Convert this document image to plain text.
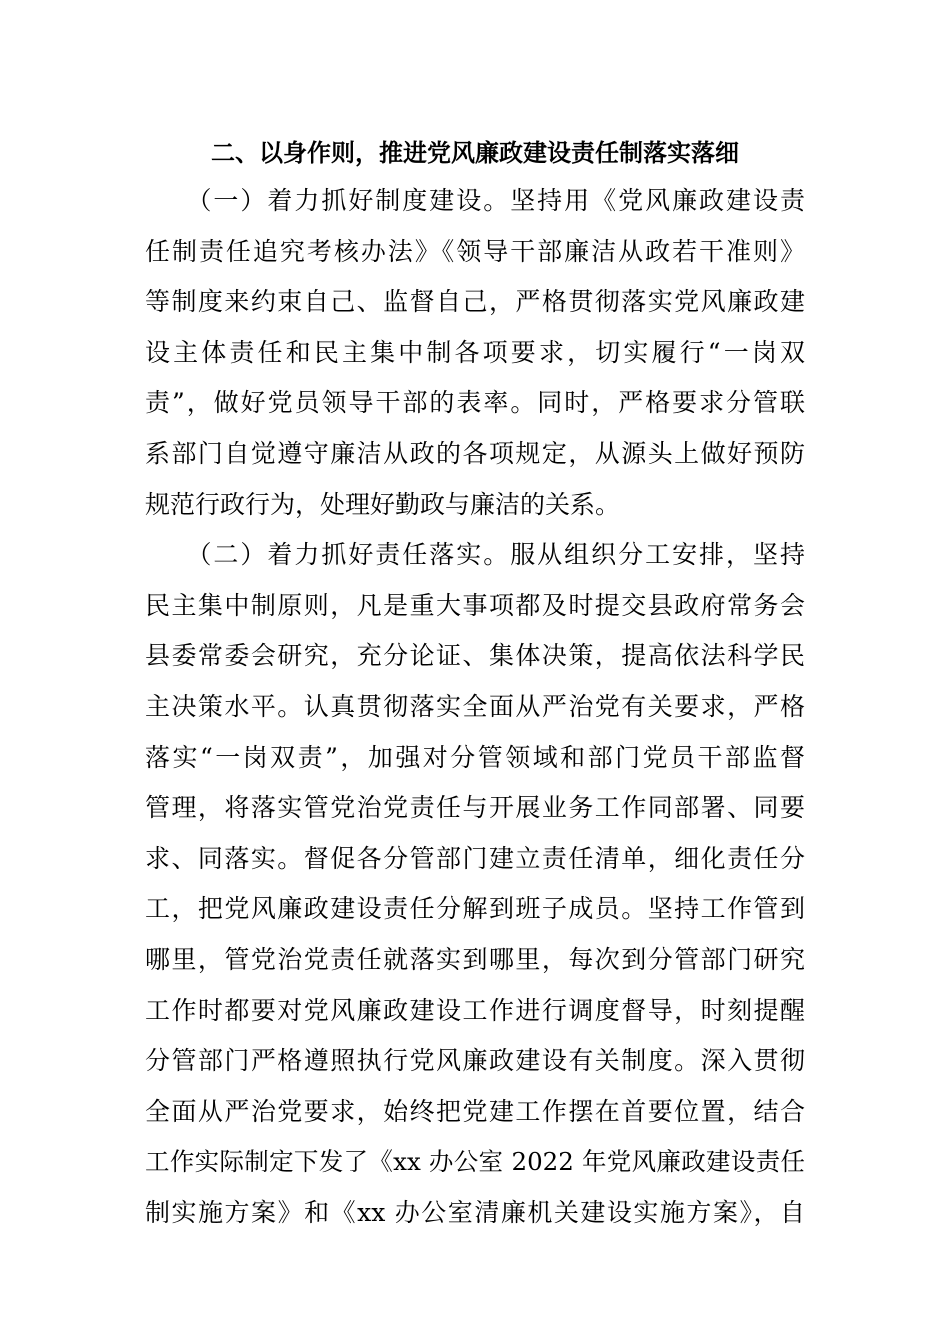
二、以身作则，推进党风廉政建设责任制落实落细
　　（一）着力抓好制度建设。坚持用《党风廉政建设责
任制责任追究考核办法》《领导干部廉洁从政若干准则》
等制度来约束自己、监督自己，严格贯彻落实党风廉政建
设主体责任和民主集中制各项要求，切实履行“一岗双
责”，做好党员领导干部的表率。同时，严格要求分管联
系部门自觉遵守廉洁从政的各项规定，从源头上做好预防
规范行政行为，处理好勤政与廉洁的关系。
　　（二）着力抓好责任落实。服从组织分工安排，坚持
民主集中制原则，凡是重大事项都及时提交县政府常务会
县委常委会研究，充分论证、集体决策，提高依法科学民
主决策水平。认真贯彻落实全面从严治党有关要求，严格
落实“一岗双责”，加强对分管领域和部门党员干部监督
管理，将落实管党治党责任与开展业务工作同部署、同要
求、同落实。督促各分管部门建立责任清单，细化责任分
工，把党风廉政建设责任分解到班子成员。坚持工作管到
哪里，管党治党责任就落实到哪里，每次到分管部门研究
工作时都要对党风廉政建设工作进行调度督导，时刻提醒
分管部门严格遵照执行党风廉政建设有关制度。深入贯彻
全面从严治党要求，始终把党建工作摆在首要位置，结合
工作实际制定下发了《xx 办公室 2022 年党风廉政建设责任
制实施方案》和《xx 办公室清廉机关建设实施方案》，自
